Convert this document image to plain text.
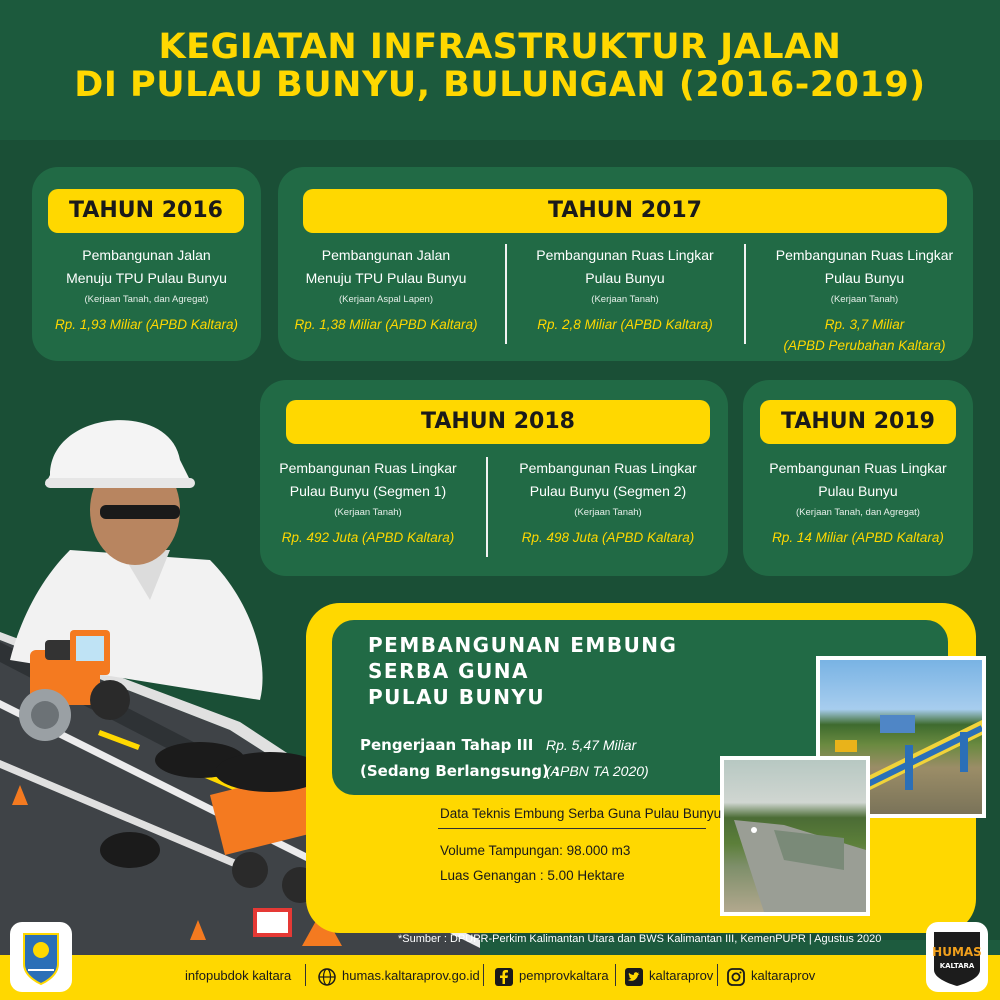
KEGIATAN INFRASTRUKTUR JALAN
DI PULAU BUNYU, BULUNGAN (2016-2019)
TAHUN 2016
Pembangunan Jalan
Menuju TPU Pulau Bunyu
(Kerjaan Tanah, dan Agregat)
Rp. 1,93 Miliar (APBD Kaltara)
TAHUN 2017
Pembangunan Jalan
Menuju TPU Pulau Bunyu
(Kerjaan Aspal Lapen)
Rp. 1,38 Miliar (APBD Kaltara)
Pembangunan Ruas Lingkar
Pulau Bunyu
(Kerjaan Tanah)
Rp. 2,8 Miliar (APBD Kaltara)
Pembangunan Ruas Lingkar
Pulau Bunyu
(Kerjaan Tanah)
Rp. 3,7 Miliar
(APBD Perubahan Kaltara)
TAHUN 2018
Pembangunan Ruas Lingkar
Pulau Bunyu (Segmen 1)
(Kerjaan Tanah)
Rp. 492 Juta (APBD Kaltara)
Pembangunan Ruas Lingkar
Pulau Bunyu (Segmen 2)
(Kerjaan Tanah)
Rp. 498 Juta (APBD Kaltara)
TAHUN 2019
Pembangunan Ruas Lingkar
Pulau Bunyu
(Kerjaan Tanah, dan Agregat)
Rp. 14 Miliar (APBD Kaltara)
PEMBANGUNAN EMBUNG
SERBA GUNA
PULAU BUNYU
Pengerjaan Tahap III
(Sedang Berlangsung) :
Rp. 5,47 Miliar
(APBN TA 2020)
Data Teknis Embung Serba Guna Pulau Bunyu
Volume Tampungan: 98.000 m3
Luas Genangan : 5.00 Hektare
*Sumber : DPUPR-Perkim Kalimantan Utara dan BWS Kalimantan III, KemenPUPR | Agustus 2020
infopubdok kaltara	humas.kaltaraprov.go.id	pemprovkaltara	kaltaraprov	kaltaraprov
HUMAS
KALTARA
